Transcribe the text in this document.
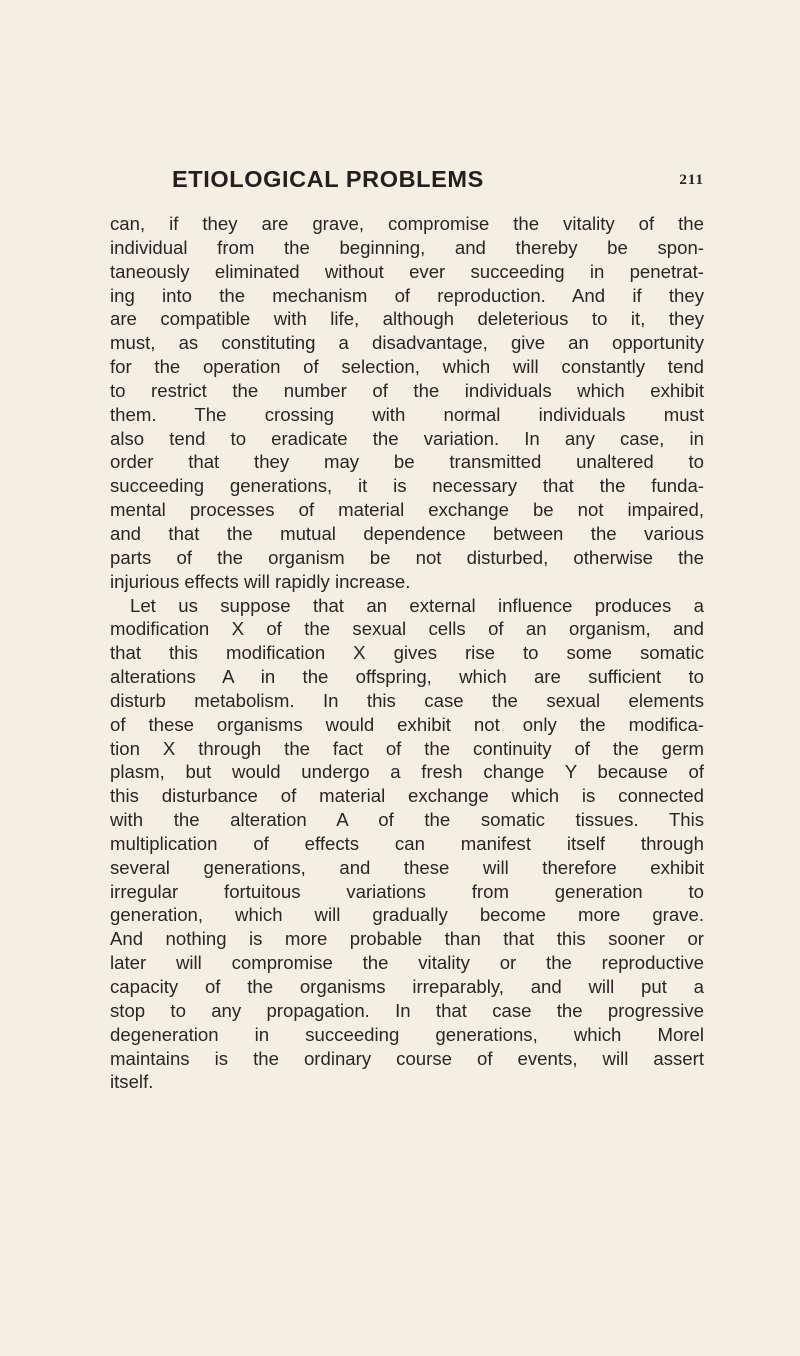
ETIOLOGICAL PROBLEMS	211

can, if they are grave, compromise the vitality of the
individual from the beginning, and thereby be spon-
taneously eliminated without ever succeeding in penetrat-
ing into the mechanism of reproduction. And if they
are compatible with life, although deleterious to it, they
must, as constituting a disadvantage, give an opportunity
for the operation of selection, which will constantly tend
to restrict the number of the individuals which exhibit
them. The crossing with normal individuals must
also tend to eradicate the variation. In any case, in
order that they may be transmitted unaltered to
succeeding generations, it is necessary that the funda-
mental processes of material exchange be not impaired,
and that the mutual dependence between the various
parts of the organism be not disturbed, otherwise the
injurious effects will rapidly increase.

Let us suppose that an external influence produces a
modification X of the sexual cells of an organism, and
that this modification X gives rise to some somatic
alterations A in the offspring, which are sufficient to
disturb metabolism. In this case the sexual elements
of these organisms would exhibit not only the modifica-
tion X through the fact of the continuity of the germ
plasm, but would undergo a fresh change Y because of
this disturbance of material exchange which is connected
with the alteration A of the somatic tissues. This
multiplication of effects can manifest itself through
several generations, and these will therefore exhibit
irregular fortuitous variations from generation to
generation, which will gradually become more grave.
And nothing is more probable than that this sooner or
later will compromise the vitality or the reproductive
capacity of the organisms irreparably, and will put a
stop to any propagation. In that case the progressive
degeneration in succeeding generations, which Morel
maintains is the ordinary course of events, will assert
itself.
